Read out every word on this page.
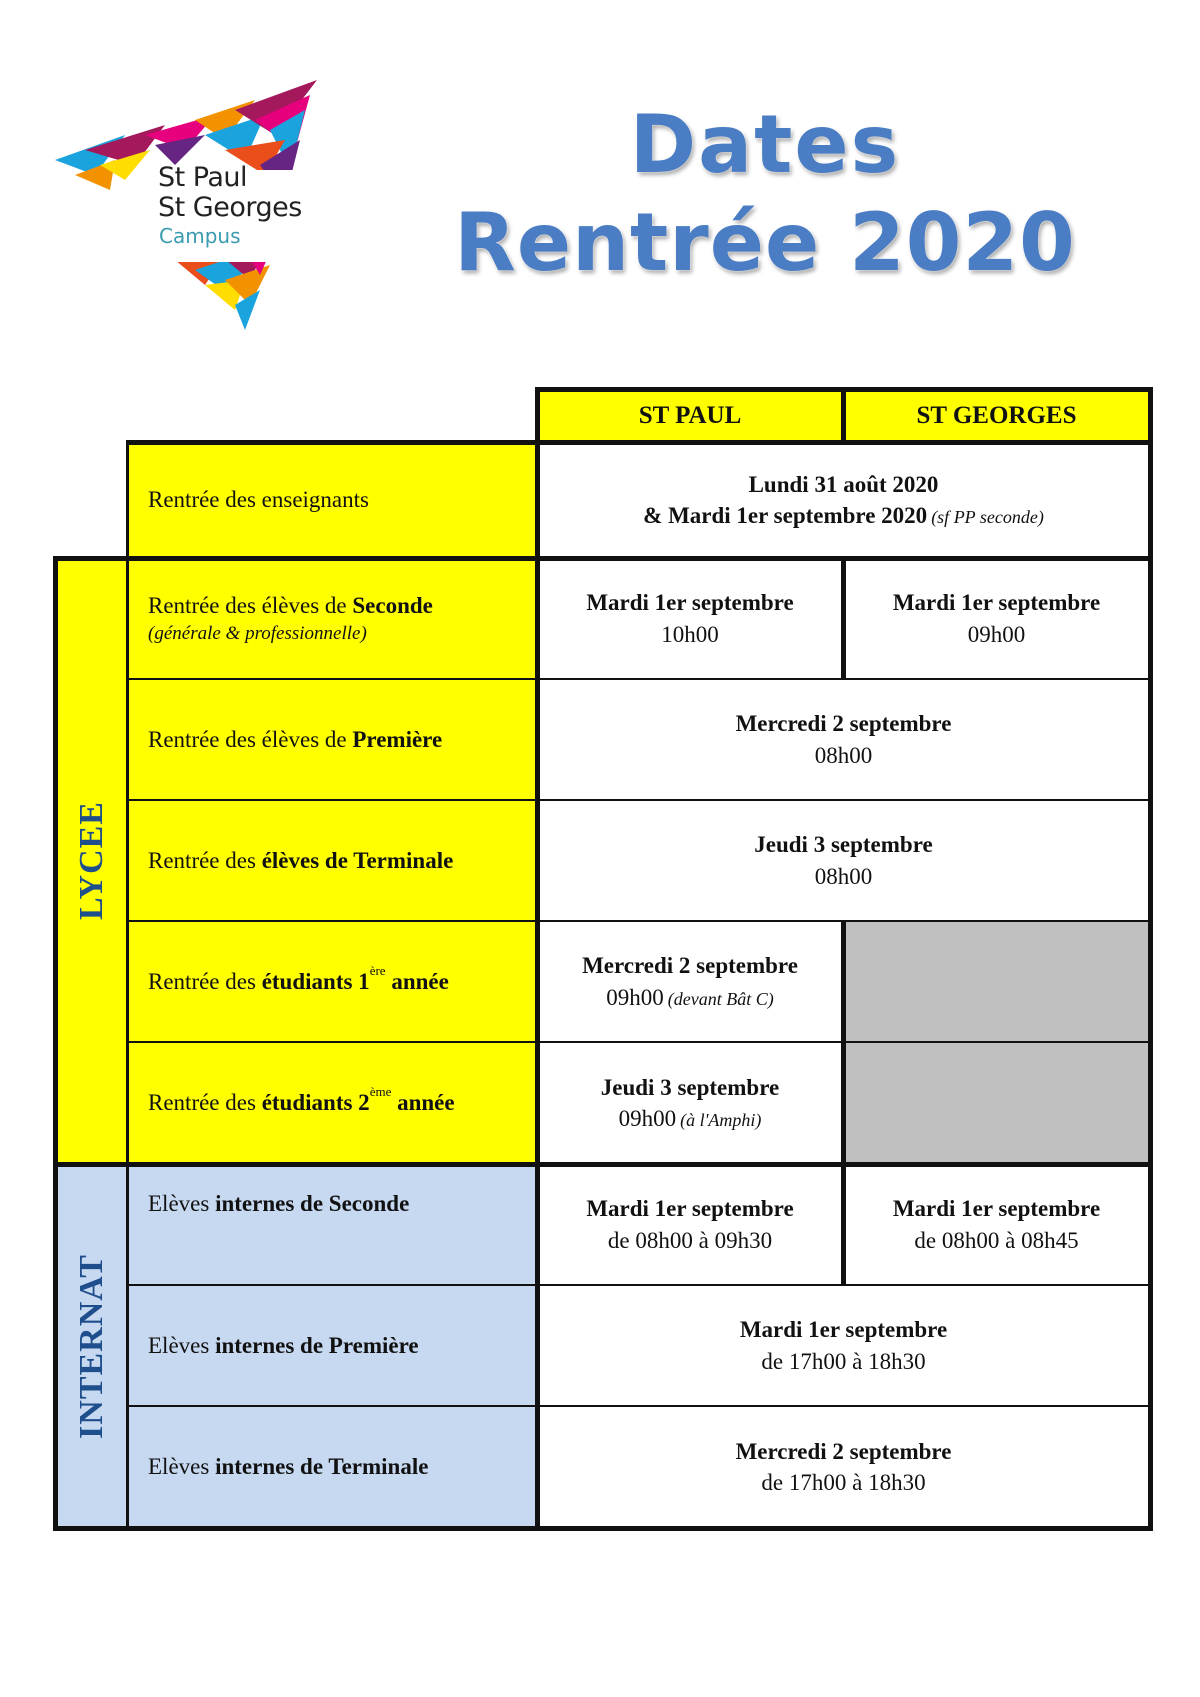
St Paul
St Georges
Campus
Dates
Rentrée 2020
ST PAUL	ST GEORGES
Rentrée des enseignants
Lundi 31 août 2020
& Mardi 1er septembre 2020 (sf PP seconde)
LYCEE
Rentrée des élèves de Seconde
(générale & professionnelle)
Mardi 1er septembre
10h00
Mardi 1er septembre
09h00
Rentrée des élèves de Première
Mercredi 2 septembre
08h00
Rentrée des élèves de Terminale
Jeudi 3 septembre
08h00
Rentrée des étudiants 1ère année
Mercredi 2 septembre
09h00 (devant Bât C)
Rentrée des étudiants 2ème année
Jeudi 3 septembre
09h00 (à l'Amphi)
INTERNAT
Elèves internes de Seconde	Mardi 1er septembre
de 08h00 à 09h30
Mardi 1er septembre
de 08h00 à 08h45
Elèves internes de Première
Mardi 1er septembre
de 17h00 à 18h30
Elèves internes de Terminale
Mercredi 2 septembre
de 17h00 à 18h30
